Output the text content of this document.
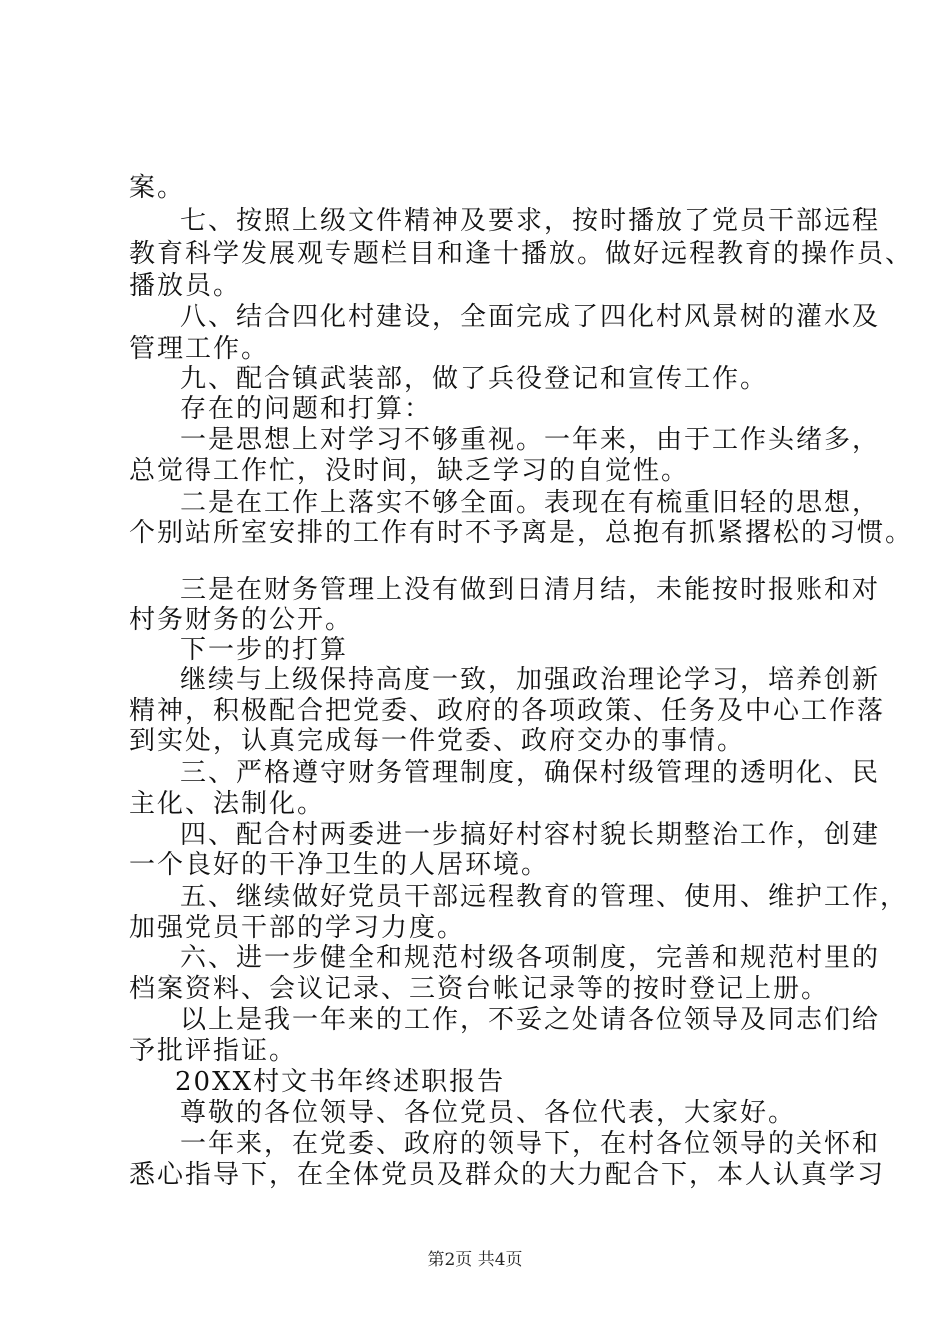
案。
七、按照上级文件精神及要求，按时播放了党员干部远程
教育科学发展观专题栏目和逢十播放。做好远程教育的操作员、
播放员。
八、结合四化村建设，全面完成了四化村风景树的灌水及
管理工作。
九、配合镇武装部，做了兵役登记和宣传工作。
存在的问题和打算：
一是思想上对学习不够重视。一年来，由于工作头绪多，
总觉得工作忙，没时间，缺乏学习的自觉性。
二是在工作上落实不够全面。表现在有梳重旧轻的思想，
个别站所室安排的工作有时不予离是，总抱有抓紧撂松的习惯。
三是在财务管理上没有做到日清月结，未能按时报账和对
村务财务的公开。
下一步的打算
继续与上级保持高度一致，加强政治理论学习，培养创新
精神，积极配合把党委、政府的各项政策、任务及中心工作落
到实处，认真完成每一件党委、政府交办的事情。
三、严格遵守财务管理制度，确保村级管理的透明化、民
主化、法制化。
四、配合村两委进一步搞好村容村貌长期整治工作，创建
一个良好的干净卫生的人居环境。
五、继续做好党员干部远程教育的管理、使用、维护工作，
加强党员干部的学习力度。
六、进一步健全和规范村级各项制度，完善和规范村里的
档案资料、会议记录、三资台帐记录等的按时登记上册。
以上是我一年来的工作，不妥之处请各位领导及同志们给
予批评指证。
20XX村文书年终述职报告
尊敬的各位领导、各位党员、各位代表，大家好。
一年来，在党委、政府的领导下，在村各位领导的关怀和
悉心指导下，在全体党员及群众的大力配合下，本人认真学习
第2页 共4页
